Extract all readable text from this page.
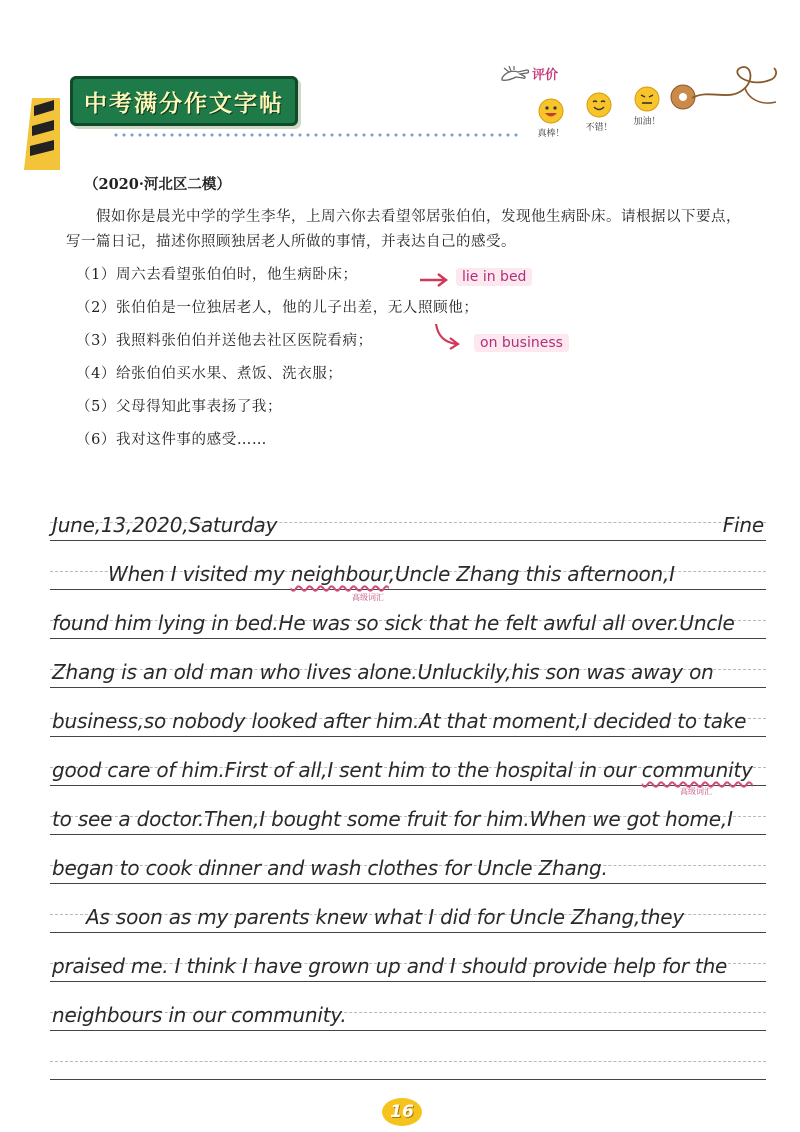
中考满分作文字帖
评价
真棒！
不错！
加油！
（2020·河北区二模）
假如你是晨光中学的学生李华，上周六你去看望邻居张伯伯，发现他生病卧床。请根据以下要点，写一篇日记，描述你照顾独居老人所做的事情，并表达自己的感受。
（1）周六去看望张伯伯时，他生病卧床；
（2）张伯伯是一位独居老人，他的儿子出差，无人照顾他；
（3）我照料张伯伯并送他去社区医院看病；
（4）给张伯伯买水果、煮饭、洗衣服；
（5）父母得知此事表扬了我；
（6）我对这件事的感受……
lie in bed
on business
June,13,2020,Saturday	Fine
When I visited my neighbour,Uncle Zhang this afternoon,I
高级词汇
found him lying in bed.He was so sick that he felt awful all over.Uncle
Zhang is an old man who lives alone.Unluckily,his son was away on
business,so nobody looked after him.At that moment,I decided to take
good care of him.First of all,I sent him to the hospital in our community
高级词汇
to see a doctor.Then,I bought some fruit for him.When we got home,I
began to cook dinner and wash clothes for Uncle Zhang.
As soon as my parents knew what I did for Uncle Zhang,they
praised me. I think I have grown up and I should provide help for the
neighbours in our community.
16
